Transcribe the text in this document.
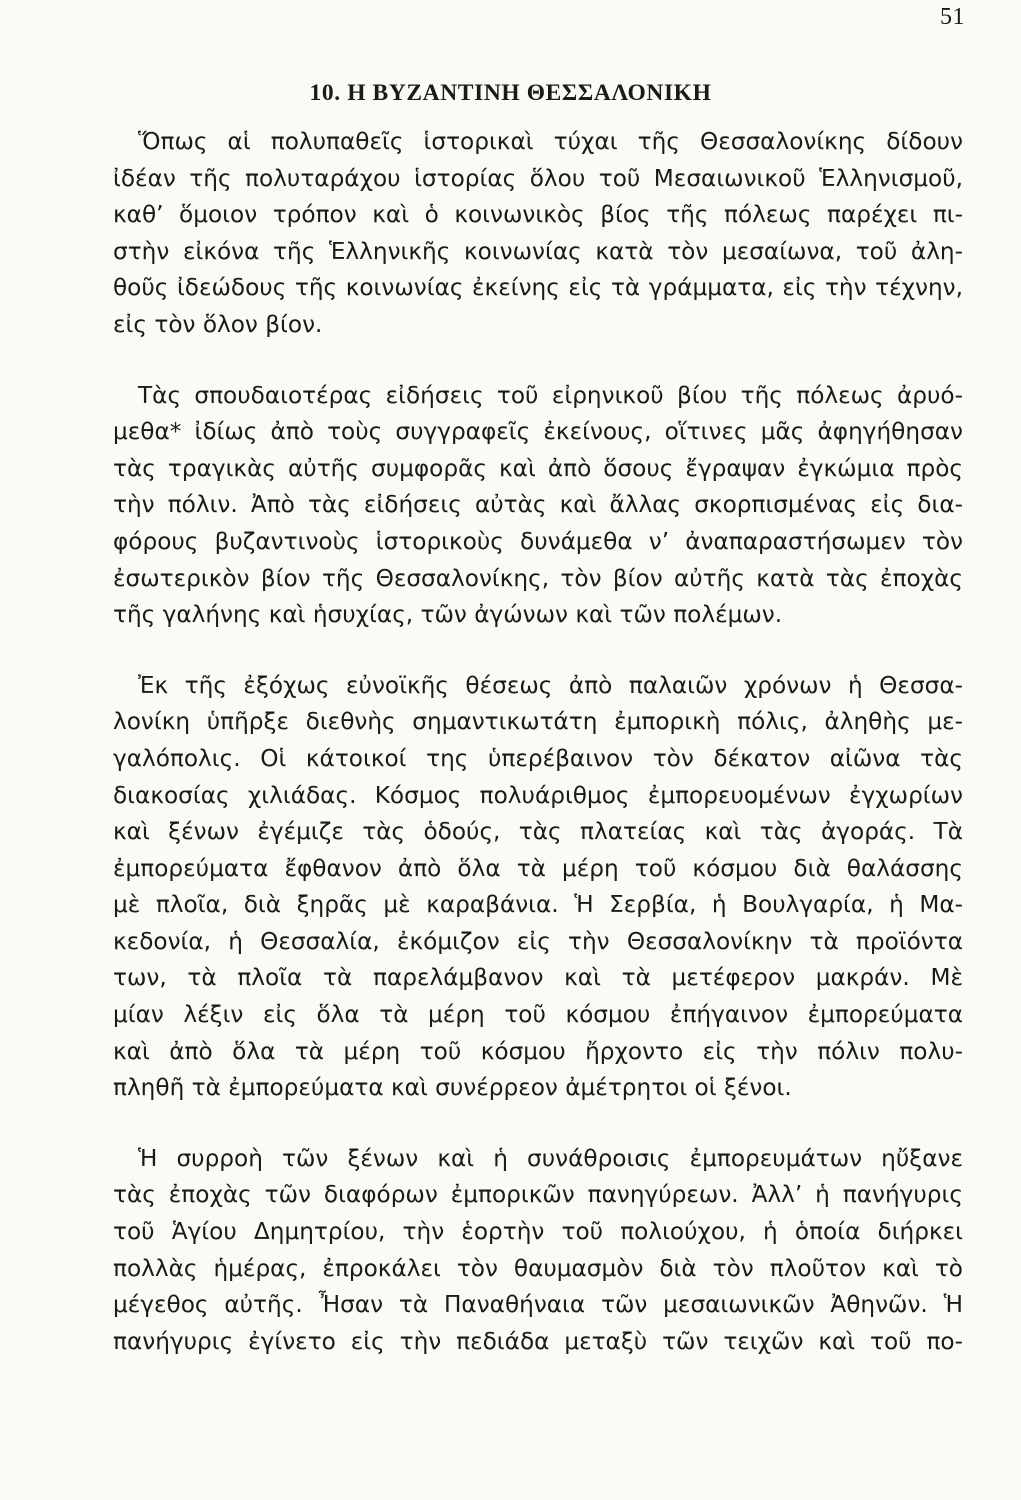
51
10. Η ΒΥΖΑΝΤΙΝΗ ΘΕΣΣΑΛΟΝΙΚΗ

Ὅπως αἱ πολυπαθεῖς ἱστορικαὶ τύχαι τῆς Θεσσαλονίκης δίδουν
ἰδέαν τῆς πολυταράχου ἱστορίας ὅλου τοῦ Μεσαιωνικοῦ Ἑλληνισμοῦ,
καθ’ ὅμοιον τρόπον καὶ ὁ κοινωνικὸς βίος τῆς πόλεως παρέχει πι-
στὴν εἰκόνα τῆς Ἑλληνικῆς κοινωνίας κατὰ τὸν μεσαίωνα, τοῦ ἀλη-
θοῦς ἰδεώδους τῆς κοινωνίας ἐκείνης εἰς τὰ γράμματα, εἰς τὴν τέχνην,
εἰς τὸν ὅλον βίον.

Τὰς σπουδαιοτέρας εἰδήσεις τοῦ εἰρηνικοῦ βίου τῆς πόλεως ἀρυό-
μεθα* ἰδίως ἀπὸ τοὺς συγγραφεῖς ἐκείνους, οἵτινες μᾶς ἀφηγήθησαν
τὰς τραγικὰς αὐτῆς συμφορᾶς καὶ ἀπὸ ὅσους ἔγραψαν ἐγκώμια πρὸς
τὴν πόλιν. Ἀπὸ τὰς εἰδήσεις αὐτὰς καὶ ἄλλας σκορπισμένας εἰς δια-
φόρους βυζαντινοὺς ἱστορικοὺς δυνάμεθα ν’ ἀναπαραστήσωμεν τὸν
ἐσωτερικὸν βίον τῆς Θεσσαλονίκης, τὸν βίον αὐτῆς κατὰ τὰς ἐποχὰς
τῆς γαλήνης καὶ ἡσυχίας, τῶν ἀγώνων καὶ τῶν πολέμων.

Ἐκ τῆς ἐξόχως εὐνοϊκῆς θέσεως ἀπὸ παλαιῶν χρόνων ἡ Θεσσα-
λονίκη ὑπῆρξε διεθνὴς σημαντικωτάτη ἐμπορικὴ πόλις, ἀληθὴς με-
γαλόπολις. Οἱ κάτοικοί της ὑπερέβαινον τὸν δέκατον αἰῶνα τὰς
διακοσίας χιλιάδας. Κόσμος πολυάριθμος ἐμπορευομένων ἐγχωρίων
καὶ ξένων ἐγέμιζε τὰς ὁδούς, τὰς πλατείας καὶ τὰς ἀγοράς. Τὰ
ἐμπορεύματα ἔφθανον ἀπὸ ὅλα τὰ μέρη τοῦ κόσμου διὰ θαλάσσης
μὲ πλοῖα, διὰ ξηρᾶς μὲ καραβάνια. Ἡ Σερβία, ἡ Βουλγαρία, ἡ Μα-
κεδονία, ἡ Θεσσαλία, ἐκόμιζον εἰς τὴν Θεσσαλονίκην τὰ προϊόντα
των, τὰ πλοῖα τὰ παρελάμβανον καὶ τὰ μετέφερον μακράν. Μὲ
μίαν λέξιν εἰς ὅλα τὰ μέρη τοῦ κόσμου ἐπήγαινον ἐμπορεύματα
καὶ ἀπὸ ὅλα τὰ μέρη τοῦ κόσμου ἤρχοντο εἰς τὴν πόλιν πολυ-
πληθῆ τὰ ἐμπορεύματα καὶ συνέρρεον ἀμέτρητοι οἱ ξένοι.

Ἡ συρροὴ τῶν ξένων καὶ ἡ συνάθροισις ἐμπορευμάτων ηὔξανε
τὰς ἐποχὰς τῶν διαφόρων ἐμπορικῶν πανηγύρεων. Ἀλλ’ ἡ πανήγυρις
τοῦ Ἁγίου Δημητρίου, τὴν ἑορτὴν τοῦ πολιούχου, ἡ ὁποία διήρκει
πολλὰς ἡμέρας, ἐπροκάλει τὸν θαυμασμὸν διὰ τὸν πλοῦτον καὶ τὸ
μέγεθος αὐτῆς. Ἦσαν τὰ Παναθήναια τῶν μεσαιωνικῶν Ἀθηνῶν. Ἡ
πανήγυρις ἐγίνετο εἰς τὴν πεδιάδα μεταξὺ τῶν τειχῶν καὶ τοῦ πο-
